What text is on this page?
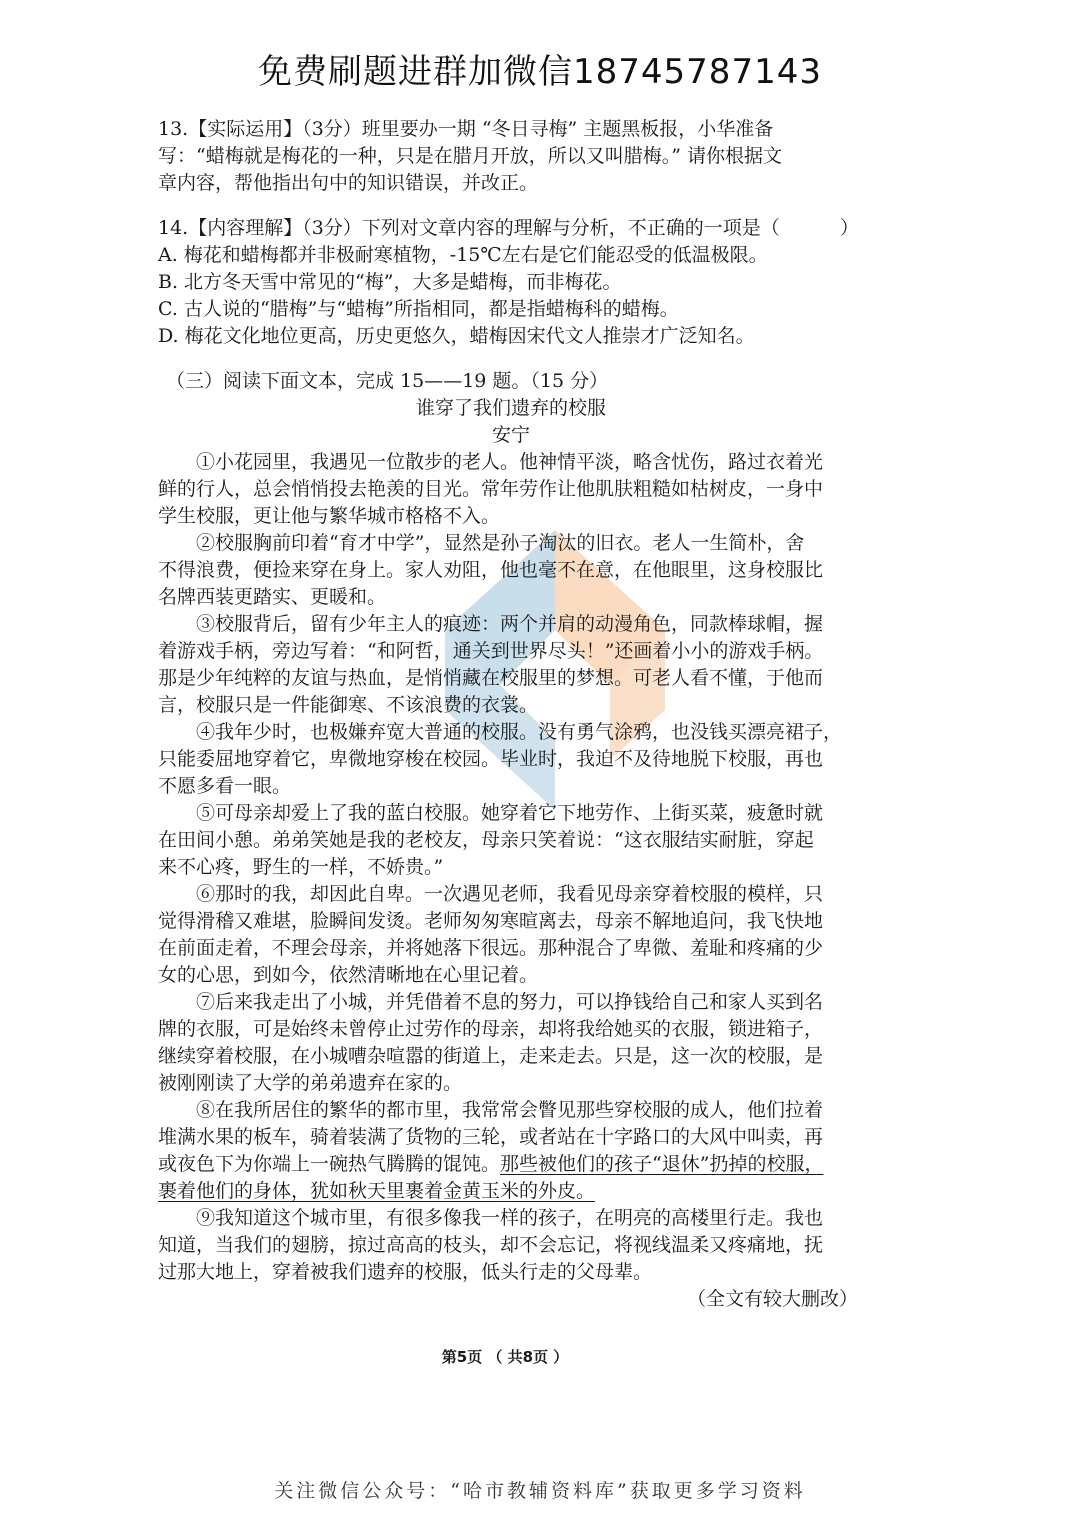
免费刷题进群加微信18745787143

13.【实际运用】（3分）班里要办一期 “冬日寻梅” 主题黑板报，小华准备

写：“蜡梅就是梅花的一种，只是在腊月开放，所以又叫腊梅。” 请你根据文

章内容，帮他指出句中的知识错误，并改正。

14.【内容理解】（3分）下列对文章内容的理解与分析，不正确的一项是（	）

A. 梅花和蜡梅都并非极耐寒植物，-15℃左右是它们能忍受的低温极限。

B. 北方冬天雪中常见的“梅”，大多是蜡梅，而非梅花。

C. 古人说的“腊梅”与“蜡梅”所指相同，都是指蜡梅科的蜡梅。

D. 梅花文化地位更高，历史更悠久，蜡梅因宋代文人推崇才广泛知名。

（三）阅读下面文本，完成 15——19 题。（15 分）

谁穿了我们遗弃的校服

安宁

①小花园里，我遇见一位散步的老人。他神情平淡，略含忧伤，路过衣着光

鲜的行人，总会悄悄投去艳羡的目光。常年劳作让他肌肤粗糙如枯树皮，一身中

学生校服，更让他与繁华城市格格不入。

②校服胸前印着“育才中学”，显然是孙子淘汰的旧衣。老人一生简朴，舍

不得浪费，便捡来穿在身上。家人劝阻，他也毫不在意，在他眼里，这身校服比

名牌西装更踏实、更暖和。

③校服背后，留有少年主人的痕迹：两个并肩的动漫角色，同款棒球帽，握

着游戏手柄，旁边写着：“和阿哲，通关到世界尽头！”还画着小小的游戏手柄。

那是少年纯粹的友谊与热血，是悄悄藏在校服里的梦想。可老人看不懂，于他而

言，校服只是一件能御寒、不该浪费的衣裳。

④我年少时，也极嫌弃宽大普通的校服。没有勇气涂鸦，也没钱买漂亮裙子，

只能委屈地穿着它，卑微地穿梭在校园。毕业时，我迫不及待地脱下校服，再也

不愿多看一眼。

⑤可母亲却爱上了我的蓝白校服。她穿着它下地劳作、上街买菜，疲惫时就

在田间小憩。弟弟笑她是我的老校友，母亲只笑着说：“这衣服结实耐脏，穿起

来不心疼，野生的一样，不娇贵。”

⑥那时的我，却因此自卑。一次遇见老师，我看见母亲穿着校服的模样，只

觉得滑稽又难堪，脸瞬间发烫。老师匆匆寒暄离去，母亲不解地追问，我飞快地

在前面走着，不理会母亲，并将她落下很远。那种混合了卑微、羞耻和疼痛的少

女的心思，到如今，依然清晰地在心里记着。

⑦后来我走出了小城，并凭借着不息的努力，可以挣钱给自己和家人买到名

牌的衣服，可是始终未曾停止过劳作的母亲，却将我给她买的衣服，锁进箱子，

继续穿着校服，在小城嘈杂喧嚣的街道上，走来走去。只是，这一次的校服，是

被刚刚读了大学的弟弟遗弃在家的。

⑧在我所居住的繁华的都市里，我常常会瞥见那些穿校服的成人，他们拉着

堆满水果的板车，骑着装满了货物的三轮，或者站在十字路口的大风中叫卖，再

或夜色下为你端上一碗热气腾腾的馄饨。那些被他们的孩子“退休”扔掉的校服，

裹着他们的身体，犹如秋天里裹着金黄玉米的外皮。

⑨我知道这个城市里，有很多像我一样的孩子，在明亮的高楼里行走。我也

知道，当我们的翅膀，掠过高高的枝头，却不会忘记，将视线温柔又疼痛地，抚

过那大地上，穿着被我们遗弃的校服，低头行走的父母辈。

（全文有较大删改）

第5页 （ 共8页 ）
关注微信公众号：“哈市教辅资料库”获取更多学习资料
